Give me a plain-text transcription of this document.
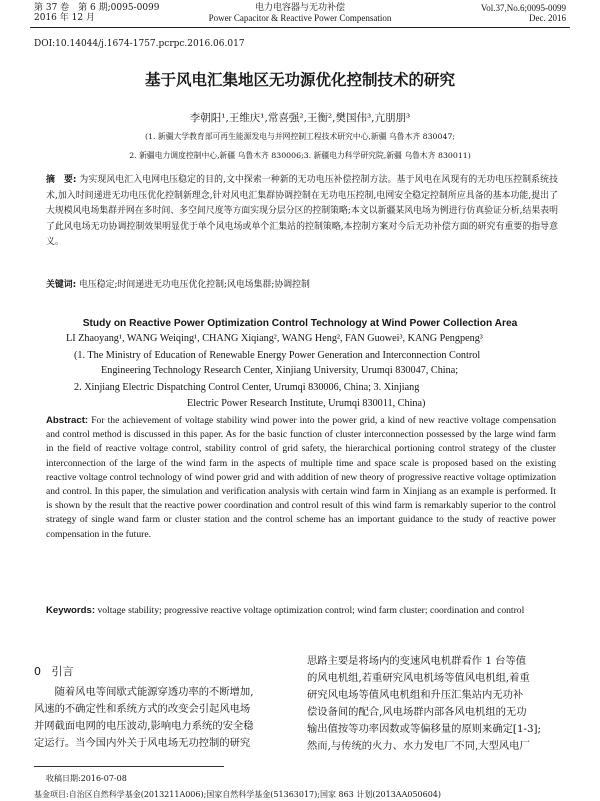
第 37 卷　第 6 期;0095-0099
2016 年 12 月
电力电容器与无功补偿
Power Capacitor & Reactive Power Compensation
Vol.37,No.6;0095-0099
Dec. 2016
DOI:10.14044/j.1674-1757.pcrpc.2016.06.017
基于风电汇集地区无功源优化控制技术的研究
李朝阳¹,王维庆¹,常喜强²,王衡²,樊国伟³,亢朋朋³
(1. 新疆大学教育部可再生能源发电与并网控制工程技术研究中心,新疆 乌鲁木齐 830047;
2. 新疆电力调度控制中心,新疆 乌鲁木齐 830006;3. 新疆电力科学研究院,新疆 乌鲁木齐 830011)
摘　要: 为实现风电汇入电网电压稳定的目的,文中探索一种新的无功电压补偿控制方法。基于风电在风现有的无功电压控制系统技术,加入时间递进无功电压优化控制新理念,针对风电汇集群协调控制在无功电压控制,电网安全稳定控制所应具备的基本功能,提出了大规模风电场集群并网在多时间、多空间尺度等方面实现分层分区的控制策略;本文以新疆某风电场为例进行仿真验证分析,结果表明了此风电场无功协调控制效果明显优于单个风电场或单个汇集站的控制策略,本控制方案对今后无功补偿方面的研究有重要的指导意义。
关键词: 电压稳定;时间递进无功电压优化控制;风电场集群;协调控制
Study on Reactive Power Optimization Control Technology at Wind Power Collection Area
LI Zhaoyang¹, WANG Weiqing¹, CHANG Xiqiang², WANG Heng², FAN Guowei³, KANG Pengpeng³
(1. The Ministry of Education of Renewable Energy Power Generation and Interconnection Control
Engineering Technology Research Center, Xinjiang University, Urumqi 830047, China;
2. Xinjiang Electric Dispatching Control Center, Urumqi 830006, China; 3. Xinjiang
Electric Power Research Institute, Urumqi 830011, China)
Abstract: For the achievement of voltage stability wind power into the power grid, a kind of new reactive voltage compensation and control method is discussed in this paper. As for the basic function of cluster interconnection possessed by the large wind farm in the field of reactive voltage control, stability control of grid safety, the hierarchical portioning control strategy of the cluster interconnection of the large of the wind farm in the aspects of multiple time and space scale is proposed based on the existing reactive voltage control technology of wind power grid and with addition of new theory of progressive reactive voltage optimization and control. In this paper, the simulation and verification analysis with certain wind farm in Xinjiang as an example is performed. It is shown by the result that the reactive power coordination and control result of this wind farm is remarkably superior to the control strategy of single wand farm or cluster station and the control scheme has an important guidance to the study of reactive power compensation in the future.
Keywords: voltage stability; progressive reactive voltage optimization control; wind farm cluster; coordination and control
0 引言
随着风电等间歇式能源穿透功率的不断增加,
风速的不确定性和系统方式的改变会引起风电场
并网截面电网的电压波动,影响电力系统的安全稳
定运行。当今国内外关于风电场无功控制的研究
思路主要是将场内的变速风电机群看作 1 台等值
的风电机组,若重研究风电机场等值风电机组,着重
研究风电场等值风电机组和升压汇集站内无功补
偿设备间的配合,风电场群内部各风电机组的无功
输出值按等功率因数或等偏移量的原则来确定[1-3];
然而,与传统的火力、水力发电厂不同,大型风电厂
收稿日期:2016-07-08
基金项目:自治区自然科学基金(2013211A006);国家自然科学基金(51363017);国家 863 计划(2013AA050604)
